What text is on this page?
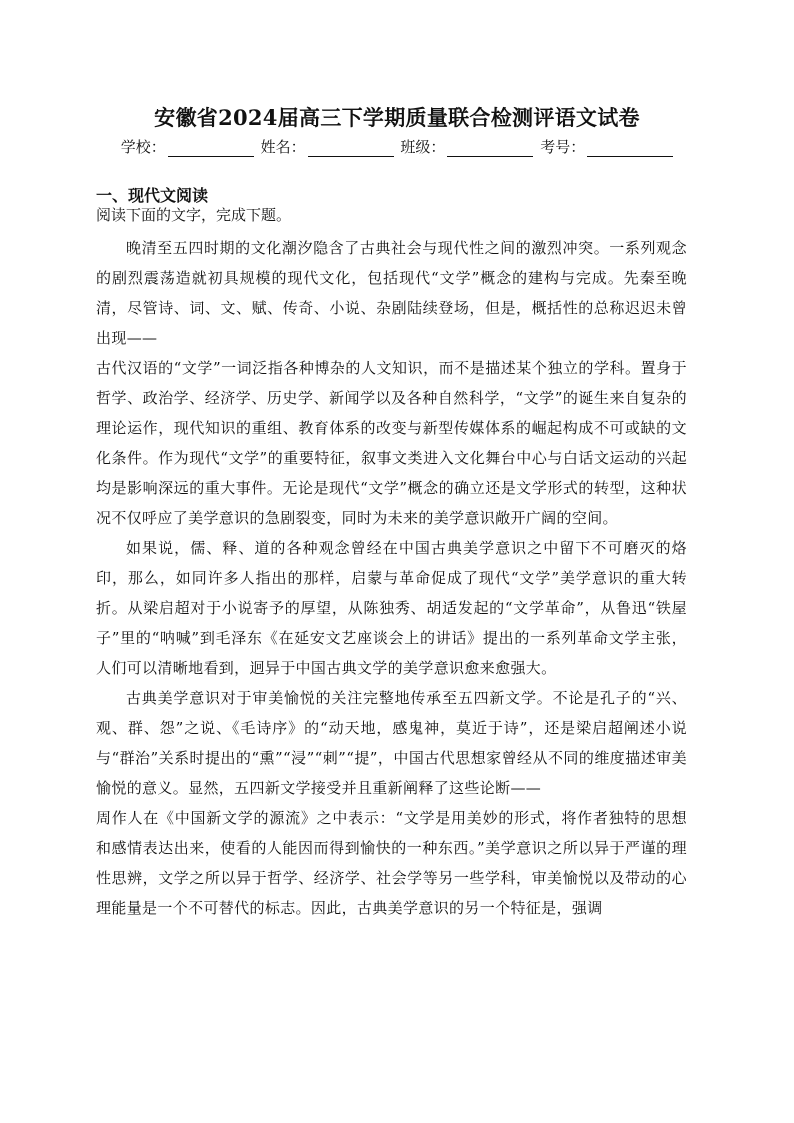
安徽省2024届高三下学期质量联合检测评语文试卷
学校：
	姓名：
	班级：
	考号：
一、现代文阅读
阅读下面的文字，完成下题。

晚清至五四时期的文化潮汐隐含了古典社会与现代性之间的激烈冲突。一系列观念的剧烈震荡造就初具规模的现代文化，包括现代“文学”概念的建构与完成。先秦至晚清，尽管诗、词、文、赋、传奇、小说、杂剧陆续登场，但是，概括性的总称迟迟未曾出现——

古代汉语的“文学”一词泛指各种博杂的人文知识，而不是描述某个独立的学科。置身于哲学、政治学、经济学、历史学、新闻学以及各种自然科学，“文学”的诞生来自复杂的理论运作，现代知识的重组、教育体系的改变与新型传媒体系的崛起构成不可或缺的文化条件。作为现代“文学”的重要特征，叙事文类进入文化舞台中心与白话文运动的兴起均是影响深远的重大事件。无论是现代“文学”概念的确立还是文学形式的转型，这种状况不仅呼应了美学意识的急剧裂变，同时为未来的美学意识敞开广阔的空间。

如果说，儒、释、道的各种观念曾经在中国古典美学意识之中留下不可磨灭的烙印，那么，如同许多人指出的那样，启蒙与革命促成了现代“文学”美学意识的重大转折。从梁启超对于小说寄予的厚望，从陈独秀、胡适发起的“文学革命”，从鲁迅“铁屋子”里的“呐喊”到毛泽东《在延安文艺座谈会上的讲话》提出的一系列革命文学主张，人们可以清晰地看到，迥异于中国古典文学的美学意识愈来愈强大。

古典美学意识对于审美愉悦的关注完整地传承至五四新文学。不论是孔子的“兴、观、群、怨”之说、《毛诗序》的“动天地，感鬼神，莫近于诗”，还是梁启超阐述小说与“群治”关系时提出的“熏”“浸”“刺”“提”，中国古代思想家曾经从不同的维度描述审美愉悦的意义。显然，五四新文学接受并且重新阐释了这些论断——

周作人在《中国新文学的源流》之中表示：“文学是用美妙的形式，将作者独特的思想和感情表达出来，使看的人能因而得到愉快的一种东西。”美学意识之所以异于严谨的理性思辨，文学之所以异于哲学、经济学、社会学等另一些学科，审美愉悦以及带动的心理能量是一个不可替代的标志。因此，古典美学意识的另一个特征是，强调
